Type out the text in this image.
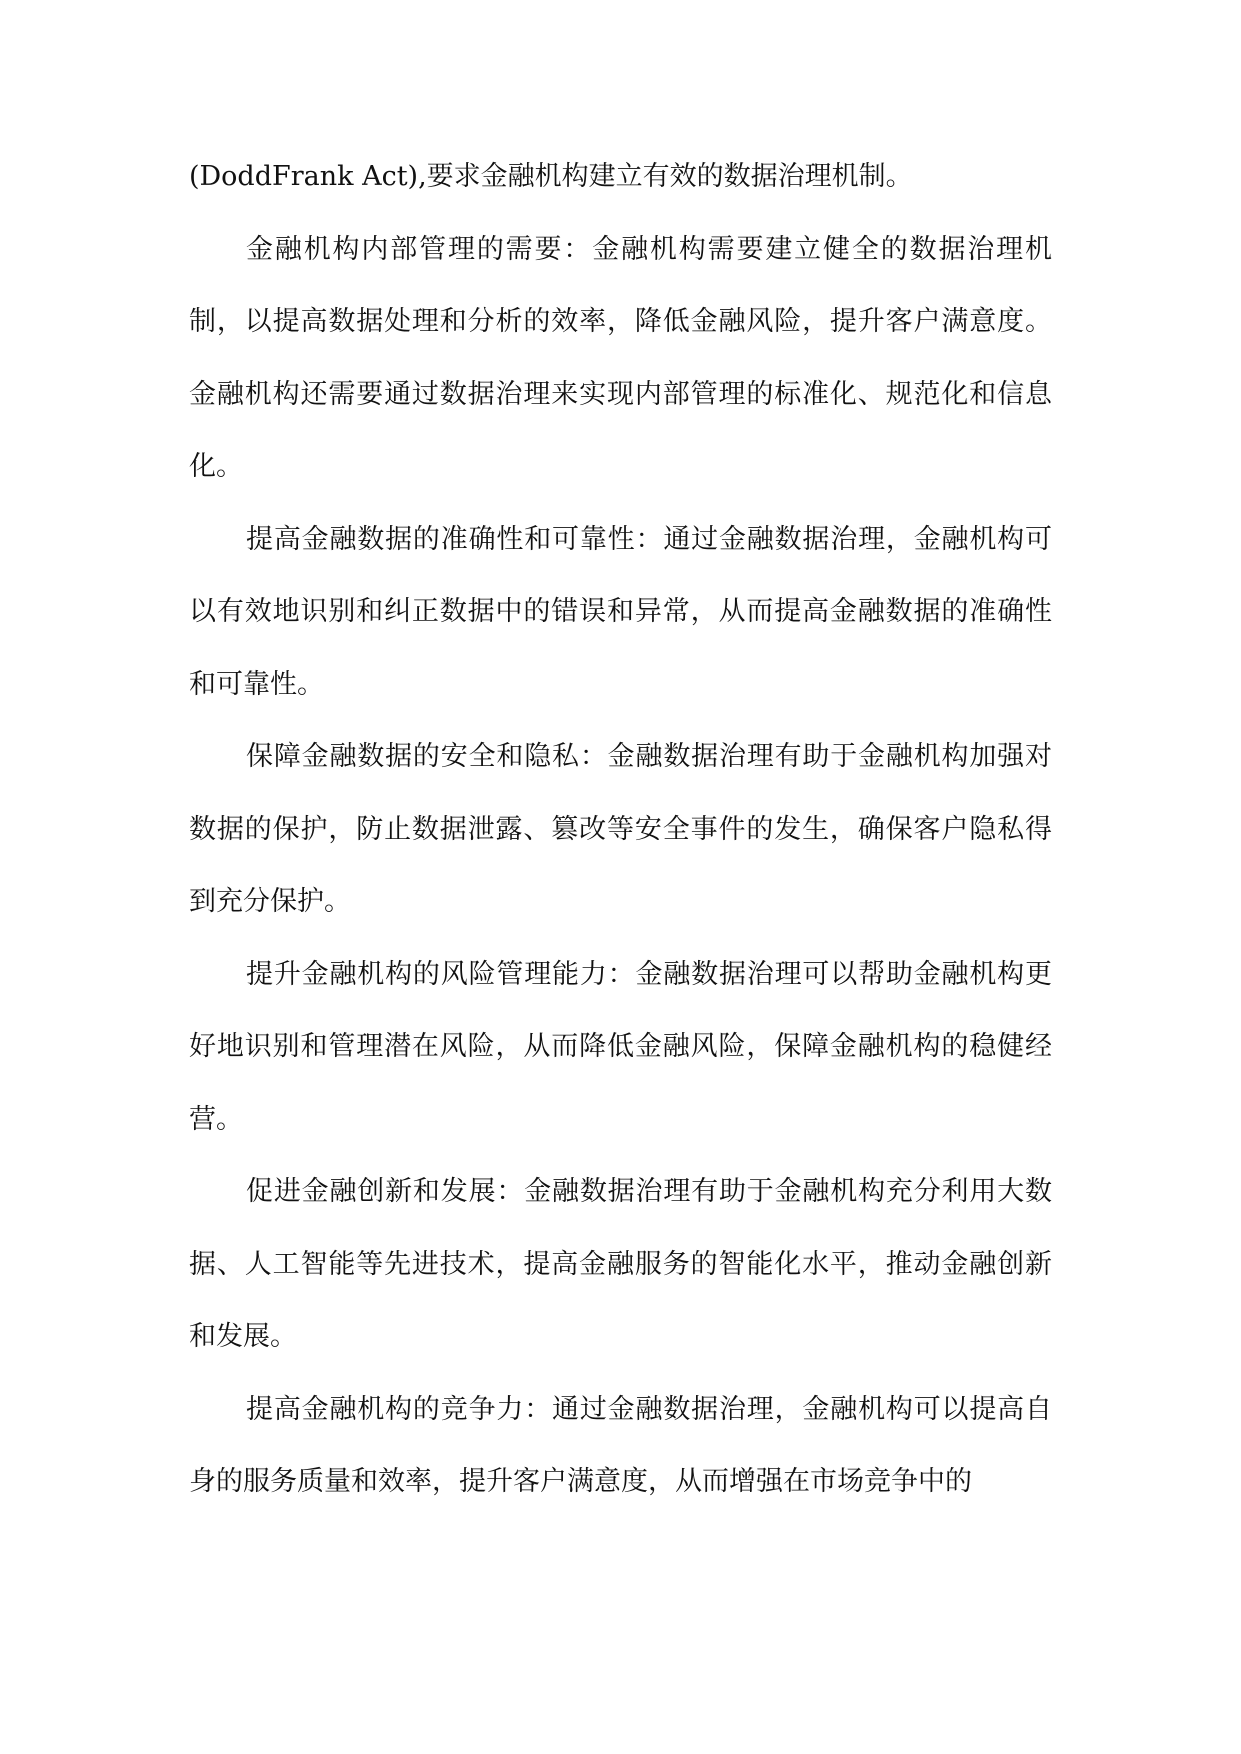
(DoddFrank Act),要求金融机构建立有效的数据治理机制。

金融机构内部管理的需要：金融机构需要建立健全的数据治理机制，以提高数据处理和分析的效率，降低金融风险，提升客户满意度。金融机构还需要通过数据治理来实现内部管理的标准化、规范化和信息化。

提高金融数据的准确性和可靠性：通过金融数据治理，金融机构可以有效地识别和纠正数据中的错误和异常，从而提高金融数据的准确性和可靠性。

保障金融数据的安全和隐私：金融数据治理有助于金融机构加强对数据的保护，防止数据泄露、篡改等安全事件的发生，确保客户隐私得到充分保护。

提升金融机构的风险管理能力：金融数据治理可以帮助金融机构更好地识别和管理潜在风险，从而降低金融风险，保障金融机构的稳健经营。

促进金融创新和发展：金融数据治理有助于金融机构充分利用大数据、人工智能等先进技术，提高金融服务的智能化水平，推动金融创新和发展。

提高金融机构的竞争力：通过金融数据治理，金融机构可以提高自身的服务质量和效率，提升客户满意度，从而增强在市场竞争中的
